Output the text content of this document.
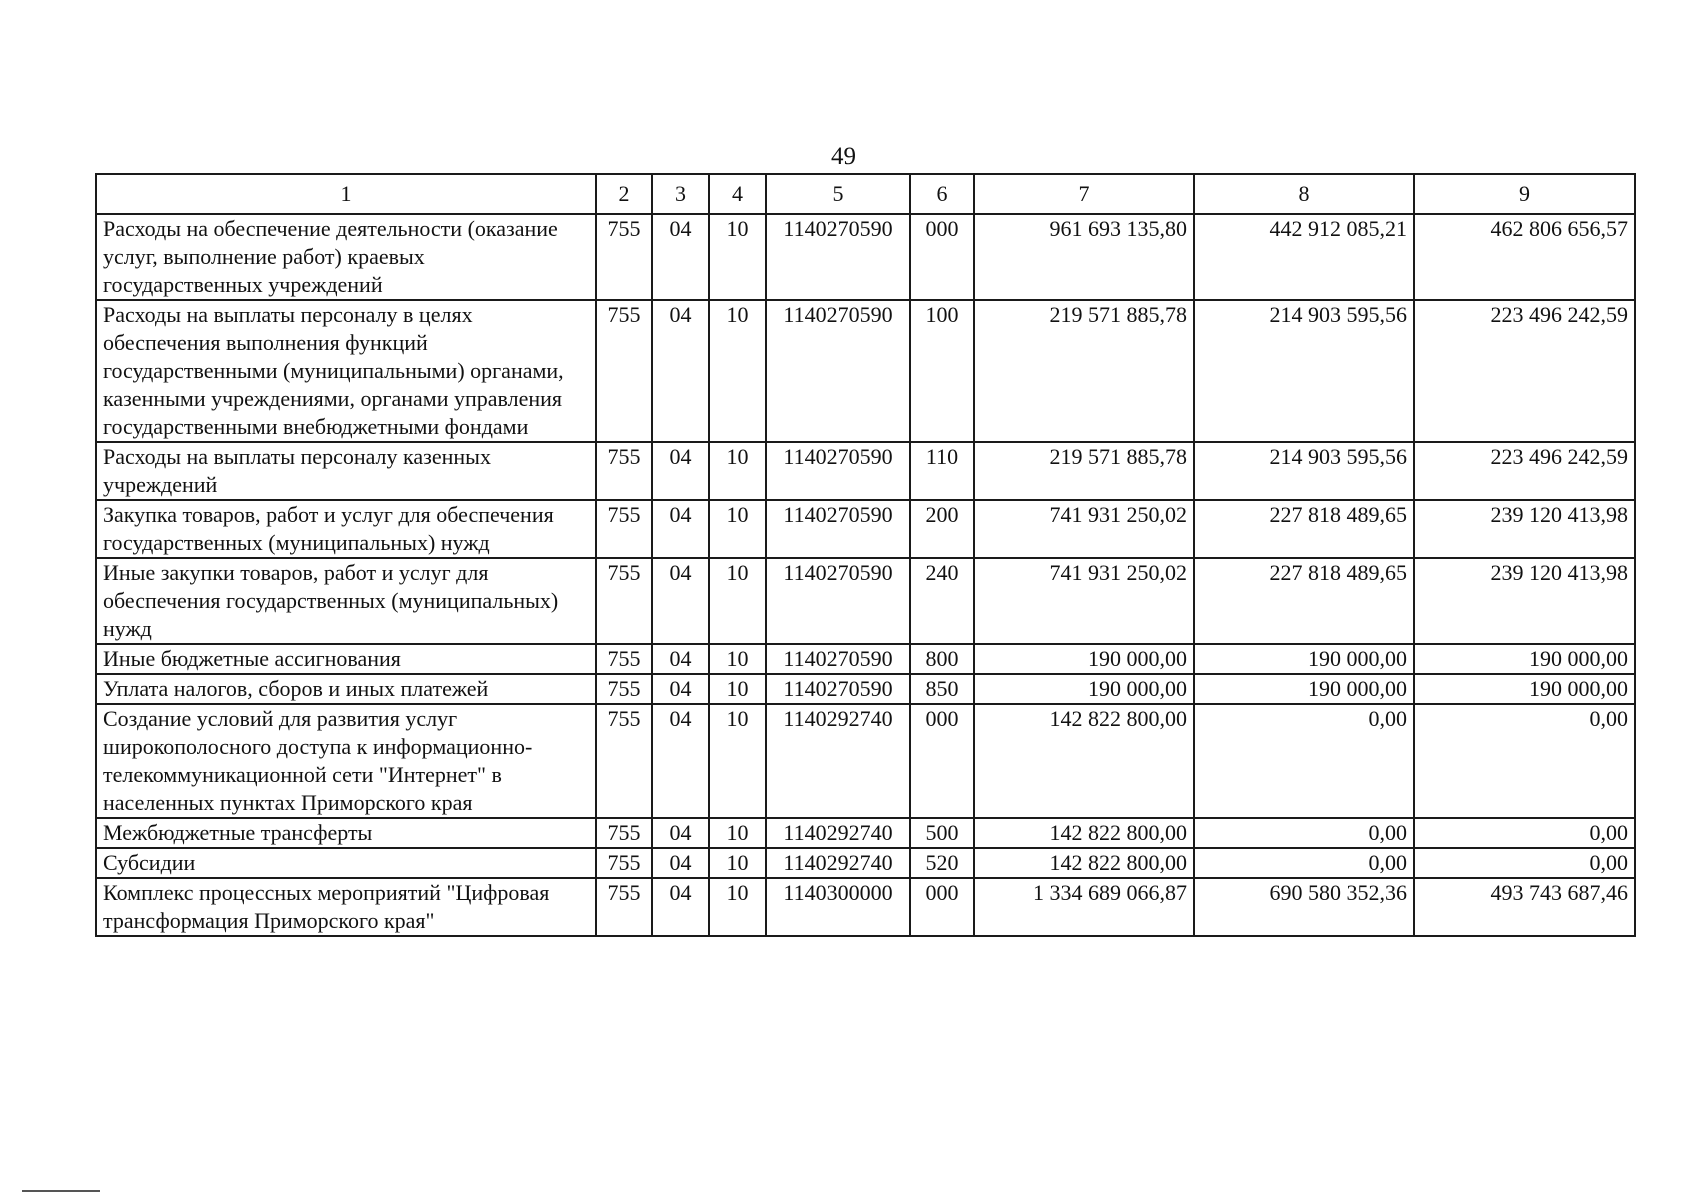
49
1	2	3	4	5	6	7	8	9
Расходы на обеспечение деятельности (оказание услуг, выполнение работ) краевых государственных учреждений	755	04	10	1140270590	000	961 693 135,80	442 912 085,21	462 806 656,57
Расходы на выплаты персоналу в целях обеспечения выполнения функций государственными (муниципальными) органами, казенными учреждениями, органами управления государственными внебюджетными фондами	755	04	10	1140270590	100	219 571 885,78	214 903 595,56	223 496 242,59
Расходы на выплаты персоналу казенных учреждений	755	04	10	1140270590	110	219 571 885,78	214 903 595,56	223 496 242,59
Закупка товаров, работ и услуг для обеспечения государственных (муниципальных) нужд	755	04	10	1140270590	200	741 931 250,02	227 818 489,65	239 120 413,98
Иные закупки товаров, работ и услуг для обеспечения государственных (муниципальных) нужд	755	04	10	1140270590	240	741 931 250,02	227 818 489,65	239 120 413,98
Иные бюджетные ассигнования	755	04	10	1140270590	800	190 000,00	190 000,00	190 000,00
Уплата налогов, сборов и иных платежей	755	04	10	1140270590	850	190 000,00	190 000,00	190 000,00
Создание условий для развития услуг широкополосного доступа к информационно-телекоммуникационной сети "Интернет" в населенных пунктах Приморского края	755	04	10	1140292740	000	142 822 800,00	0,00	0,00
Межбюджетные трансферты	755	04	10	1140292740	500	142 822 800,00	0,00	0,00
Субсидии	755	04	10	1140292740	520	142 822 800,00	0,00	0,00
Комплекс процессных мероприятий "Цифровая трансформация Приморского края"	755	04	10	1140300000	000	1 334 689 066,87	690 580 352,36	493 743 687,46
